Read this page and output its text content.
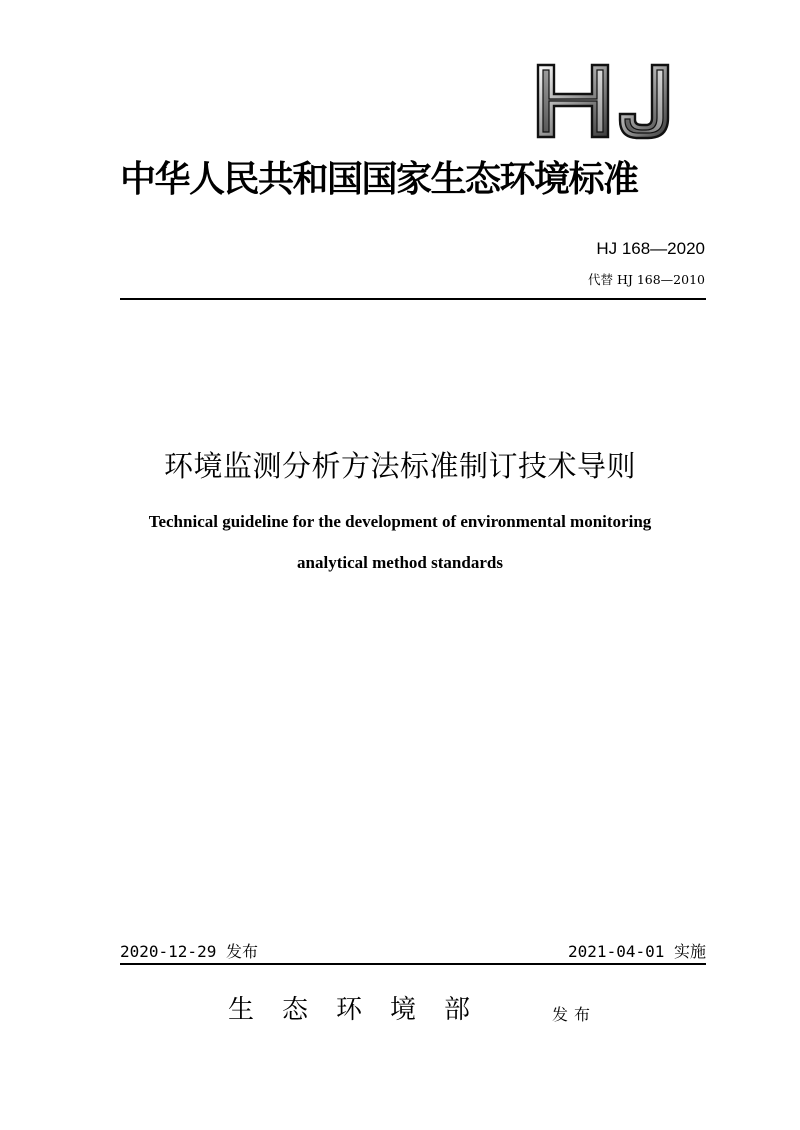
中华人民共和国国家生态环境标准
HJ 168—2020
代替 HJ 168—2010
环境监测分析方法标准制订技术导则
Technical guideline for the development of environmental monitoring
analytical method standards
2020-12-29 发布	2021-04-01 实施
生态环境部	发布
